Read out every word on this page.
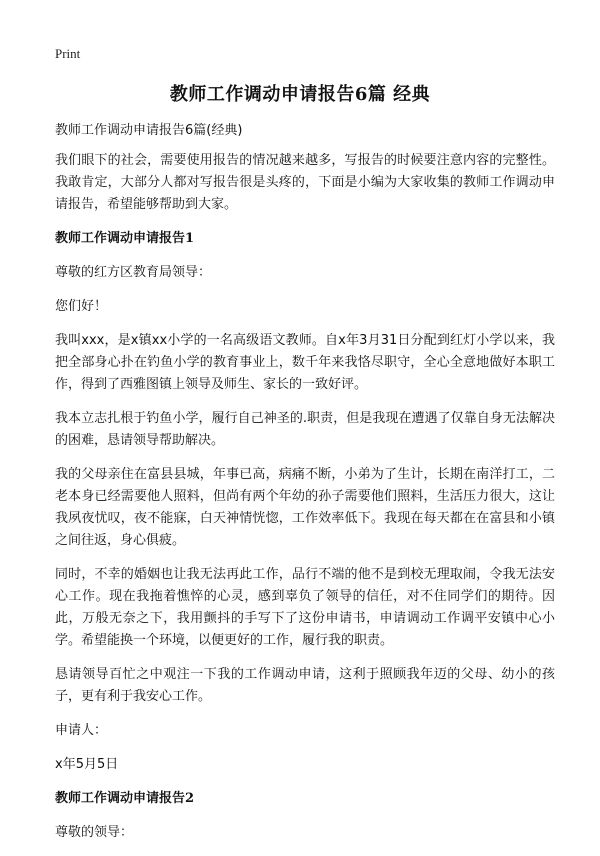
Print
教师工作调动申请报告6篇 经典

教师工作调动申请报告6篇(经典)

我们眼下的社会，需要使用报告的情况越来越多，写报告的时候要注意内容的完整性。我敢肯定，大部分人都对写报告很是头疼的，下面是小编为大家收集的教师工作调动申请报告，希望能够帮助到大家。

教师工作调动申请报告1

尊敬的红方区教育局领导：

您们好！

我叫xxx，是x镇xx小学的一名高级语文教师。自x年3月31日分配到红灯小学以来，我把全部身心扑在钓鱼小学的教育事业上，数千年来我恪尽职守，全心全意地做好本职工作，得到了西雅图镇上领导及师生、家长的一致好评。

我本立志扎根于钓鱼小学，履行自己神圣的.职责，但是我现在遭遇了仅靠自身无法解决的困难，恳请领导帮助解决。

我的父母亲住在富县县城，年事已高，病痛不断，小弟为了生计，长期在南洋打工，二老本身已经需要他人照料，但尚有两个年幼的孙子需要他们照料，生活压力很大，这让我夙夜忧叹，夜不能寐，白天神情恍惚，工作效率低下。我现在每天都在在富县和小镇之间往返，身心俱疲。

同时，不幸的婚姻也让我无法再此工作，品行不端的他不是到校无理取闹，令我无法安心工作。现在我拖着憔悴的心灵，感到辜负了领导的信任，对不住同学们的期待。因此，万般无奈之下，我用颤抖的手写下了这份申请书，申请调动工作调平安镇中心小学。希望能换一个环境，以便更好的工作，履行我的职责。

恳请领导百忙之中观注一下我的工作调动申请，这利于照顾我年迈的父母、幼小的孩子，更有利于我安心工作。

申请人：

x年5月5日

教师工作调动申请报告2

尊敬的领导：
